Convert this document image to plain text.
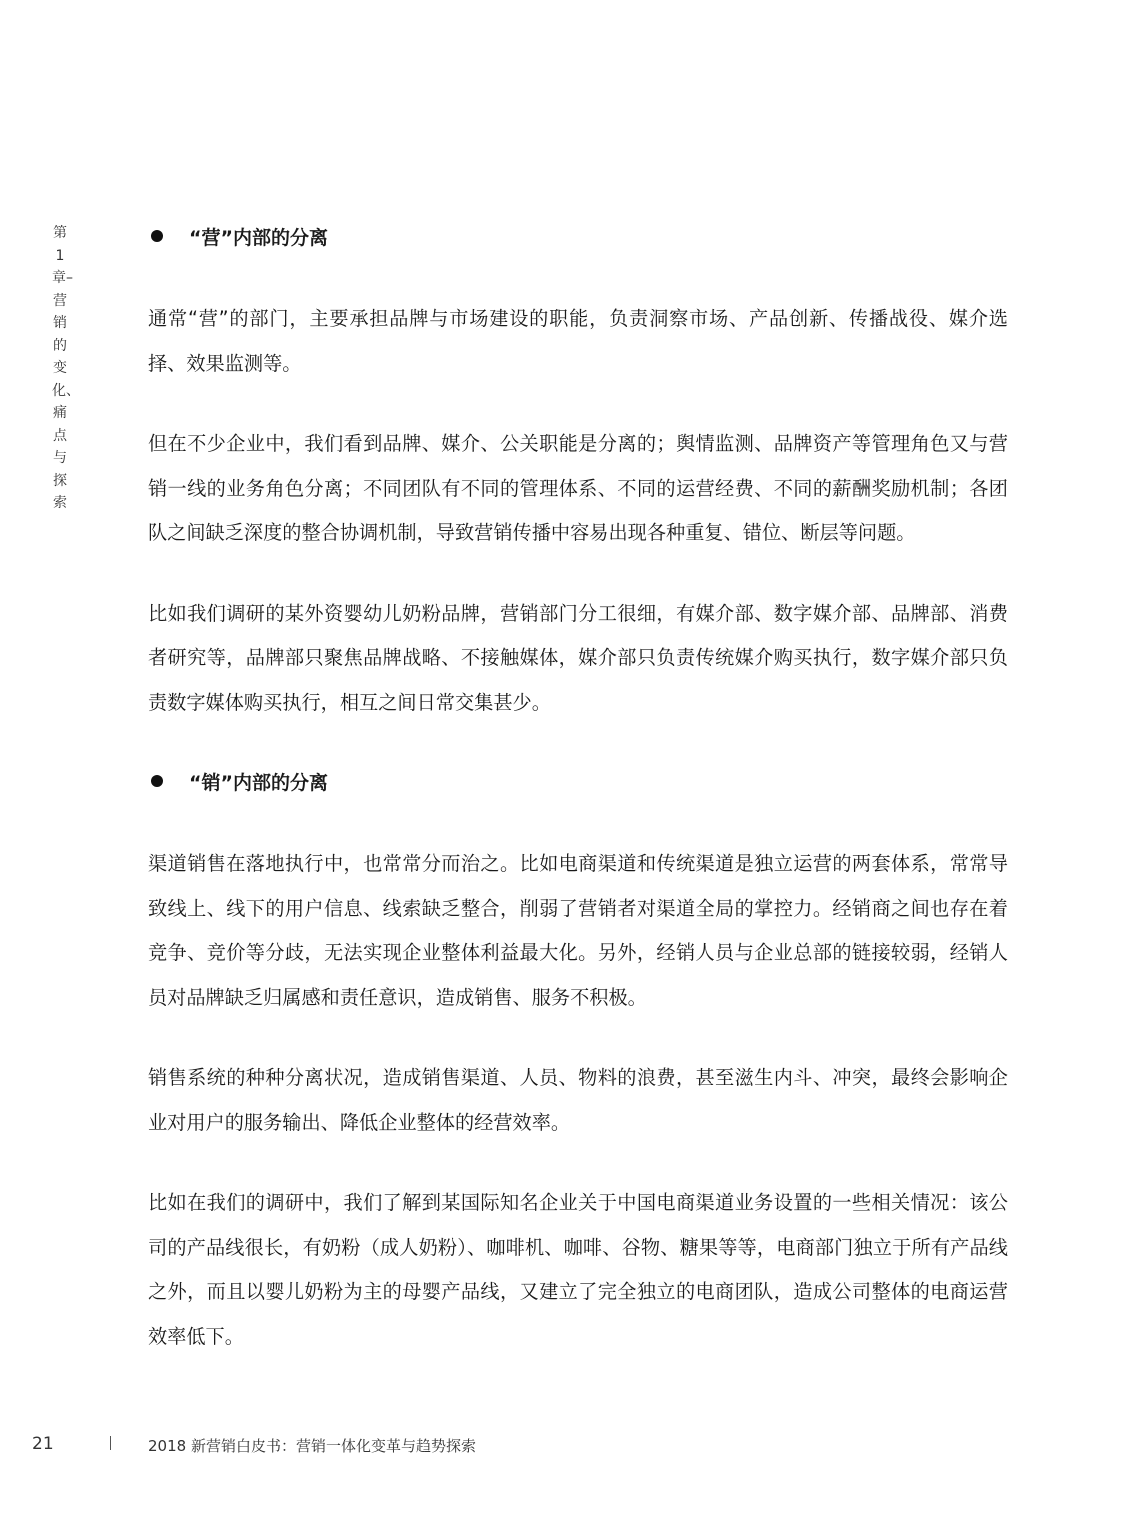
第1章–营销的变化、痛点与探索
“营”内部的分离

通常“营”的部门，主要承担品牌与市场建设的职能，负责洞察市场、产品创新、传播战役、媒介选择、效果监测等。

但在不少企业中，我们看到品牌、媒介、公关职能是分离的；舆情监测、品牌资产等管理角色又与营销一线的业务角色分离；不同团队有不同的管理体系、不同的运营经费、不同的薪酬奖励机制；各团队之间缺乏深度的整合协调机制，导致营销传播中容易出现各种重复、错位、断层等问题。

比如我们调研的某外资婴幼儿奶粉品牌，营销部门分工很细，有媒介部、数字媒介部、品牌部、消费者研究等，品牌部只聚焦品牌战略、不接触媒体，媒介部只负责传统媒介购买执行，数字媒介部只负责数字媒体购买执行，相互之间日常交集甚少。

“销”内部的分离

渠道销售在落地执行中，也常常分而治之。比如电商渠道和传统渠道是独立运营的两套体系，常常导致线上、线下的用户信息、线索缺乏整合，削弱了营销者对渠道全局的掌控力。经销商之间也存在着竞争、竞价等分歧，无法实现企业整体利益最大化。另外，经销人员与企业总部的链接较弱，经销人员对品牌缺乏归属感和责任意识，造成销售、服务不积极。

销售系统的种种分离状况，造成销售渠道、人员、物料的浪费，甚至滋生内斗、冲突，最终会影响企业对用户的服务输出、降低企业整体的经营效率。

比如在我们的调研中，我们了解到某国际知名企业关于中国电商渠道业务设置的一些相关情况：该公司的产品线很长，有奶粉（成人奶粉）、咖啡机、咖啡、谷物、糖果等等，电商部门独立于所有产品线之外，而且以婴儿奶粉为主的母婴产品线，又建立了完全独立的电商团队，造成公司整体的电商运营效率低下。

21	2018 新营销白皮书：营销一体化变革与趋势探索
